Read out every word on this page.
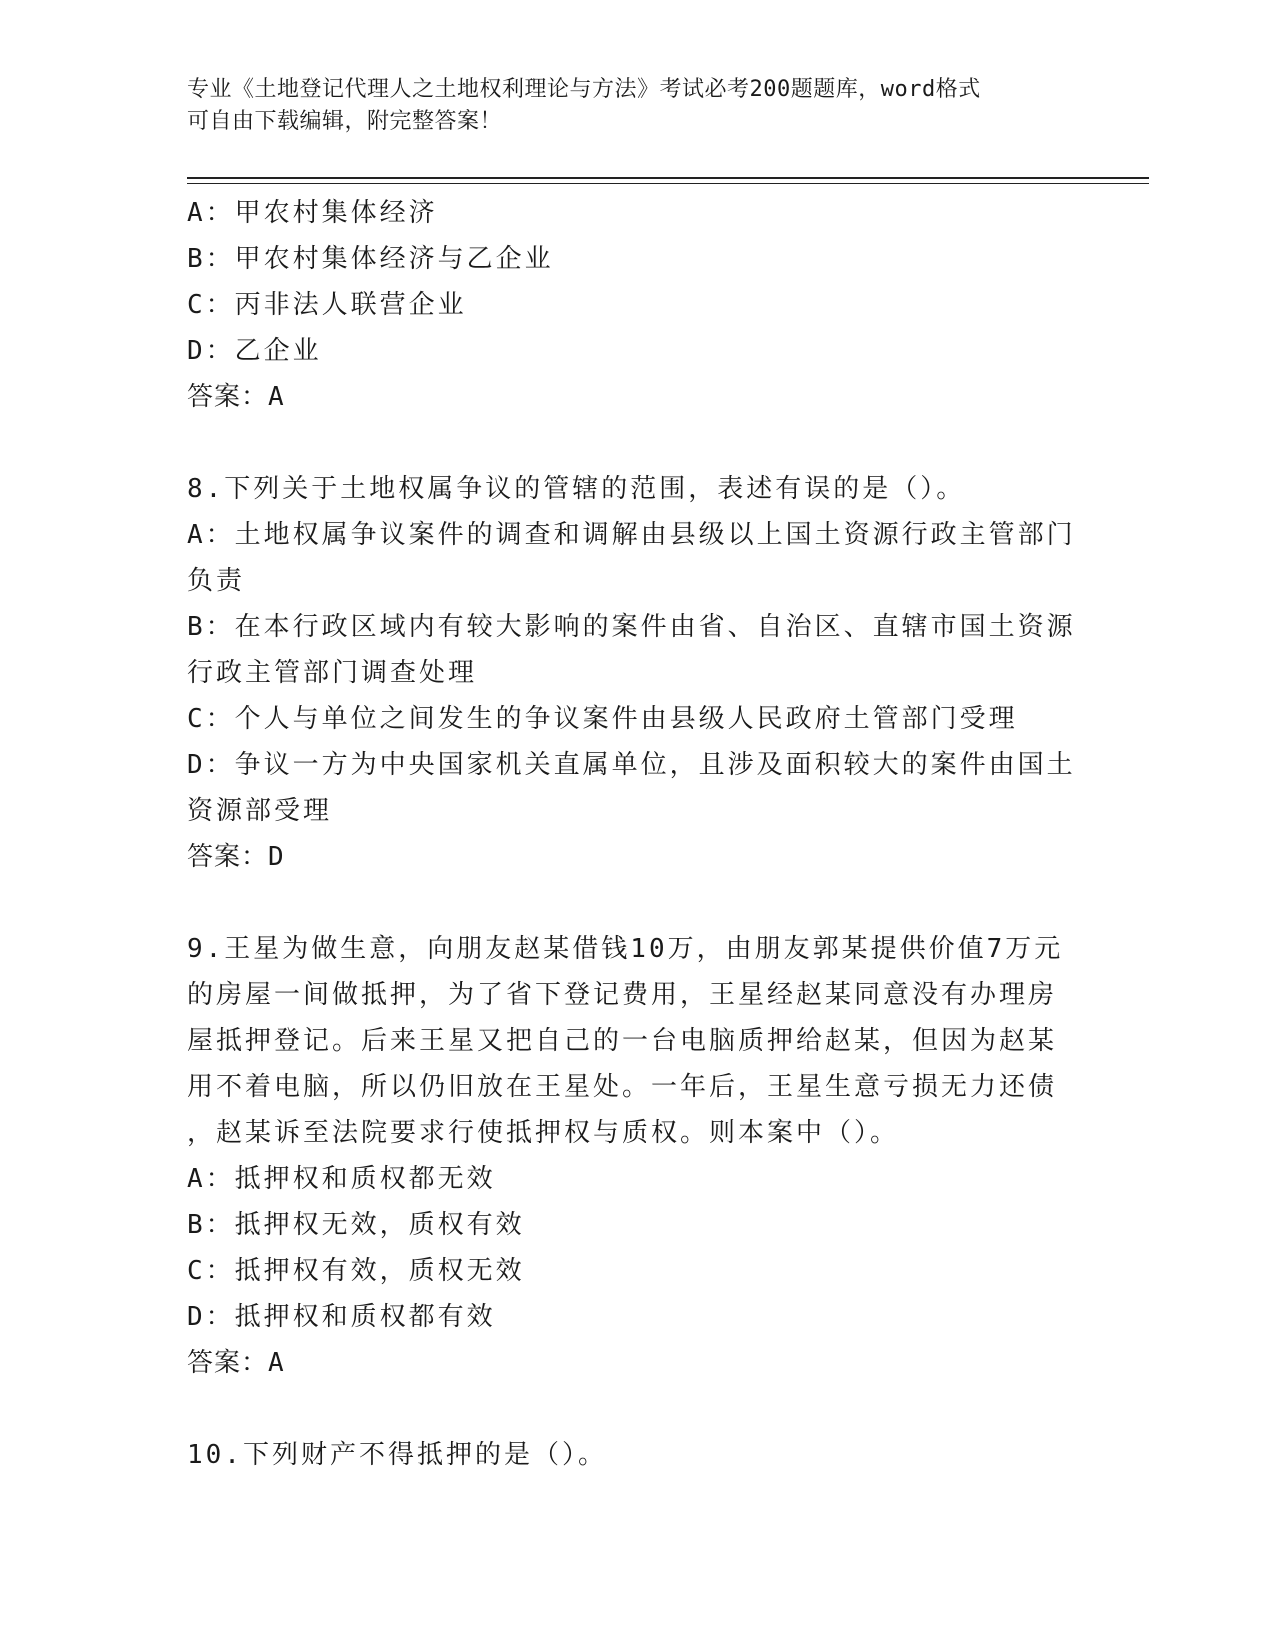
专业《土地登记代理人之土地权利理论与方法》考试必考200题题库，word格式

可自由下载编辑，附完整答案！

A：甲农村集体经济

B：甲农村集体经济与乙企业

C：丙非法人联营企业

D：乙企业

答案：A

8.下列关于土地权属争议的管辖的范围，表述有误的是（）。

A：土地权属争议案件的调查和调解由县级以上国土资源行政主管部门

负责

B：在本行政区域内有较大影响的案件由省、自治区、直辖市国土资源

行政主管部门调查处理

C：个人与单位之间发生的争议案件由县级人民政府土管部门受理

D：争议一方为中央国家机关直属单位，且涉及面积较大的案件由国土

资源部受理

答案：D

9.王星为做生意，向朋友赵某借钱10万，由朋友郭某提供价值7万元

的房屋一间做抵押，为了省下登记费用，王星经赵某同意没有办理房

屋抵押登记。后来王星又把自己的一台电脑质押给赵某，但因为赵某

用不着电脑，所以仍旧放在王星处。一年后，王星生意亏损无力还债

，赵某诉至法院要求行使抵押权与质权。则本案中（）。

A：抵押权和质权都无效

B：抵押权无效，质权有效

C：抵押权有效，质权无效

D：抵押权和质权都有效

答案：A

10.下列财产不得抵押的是（）。
